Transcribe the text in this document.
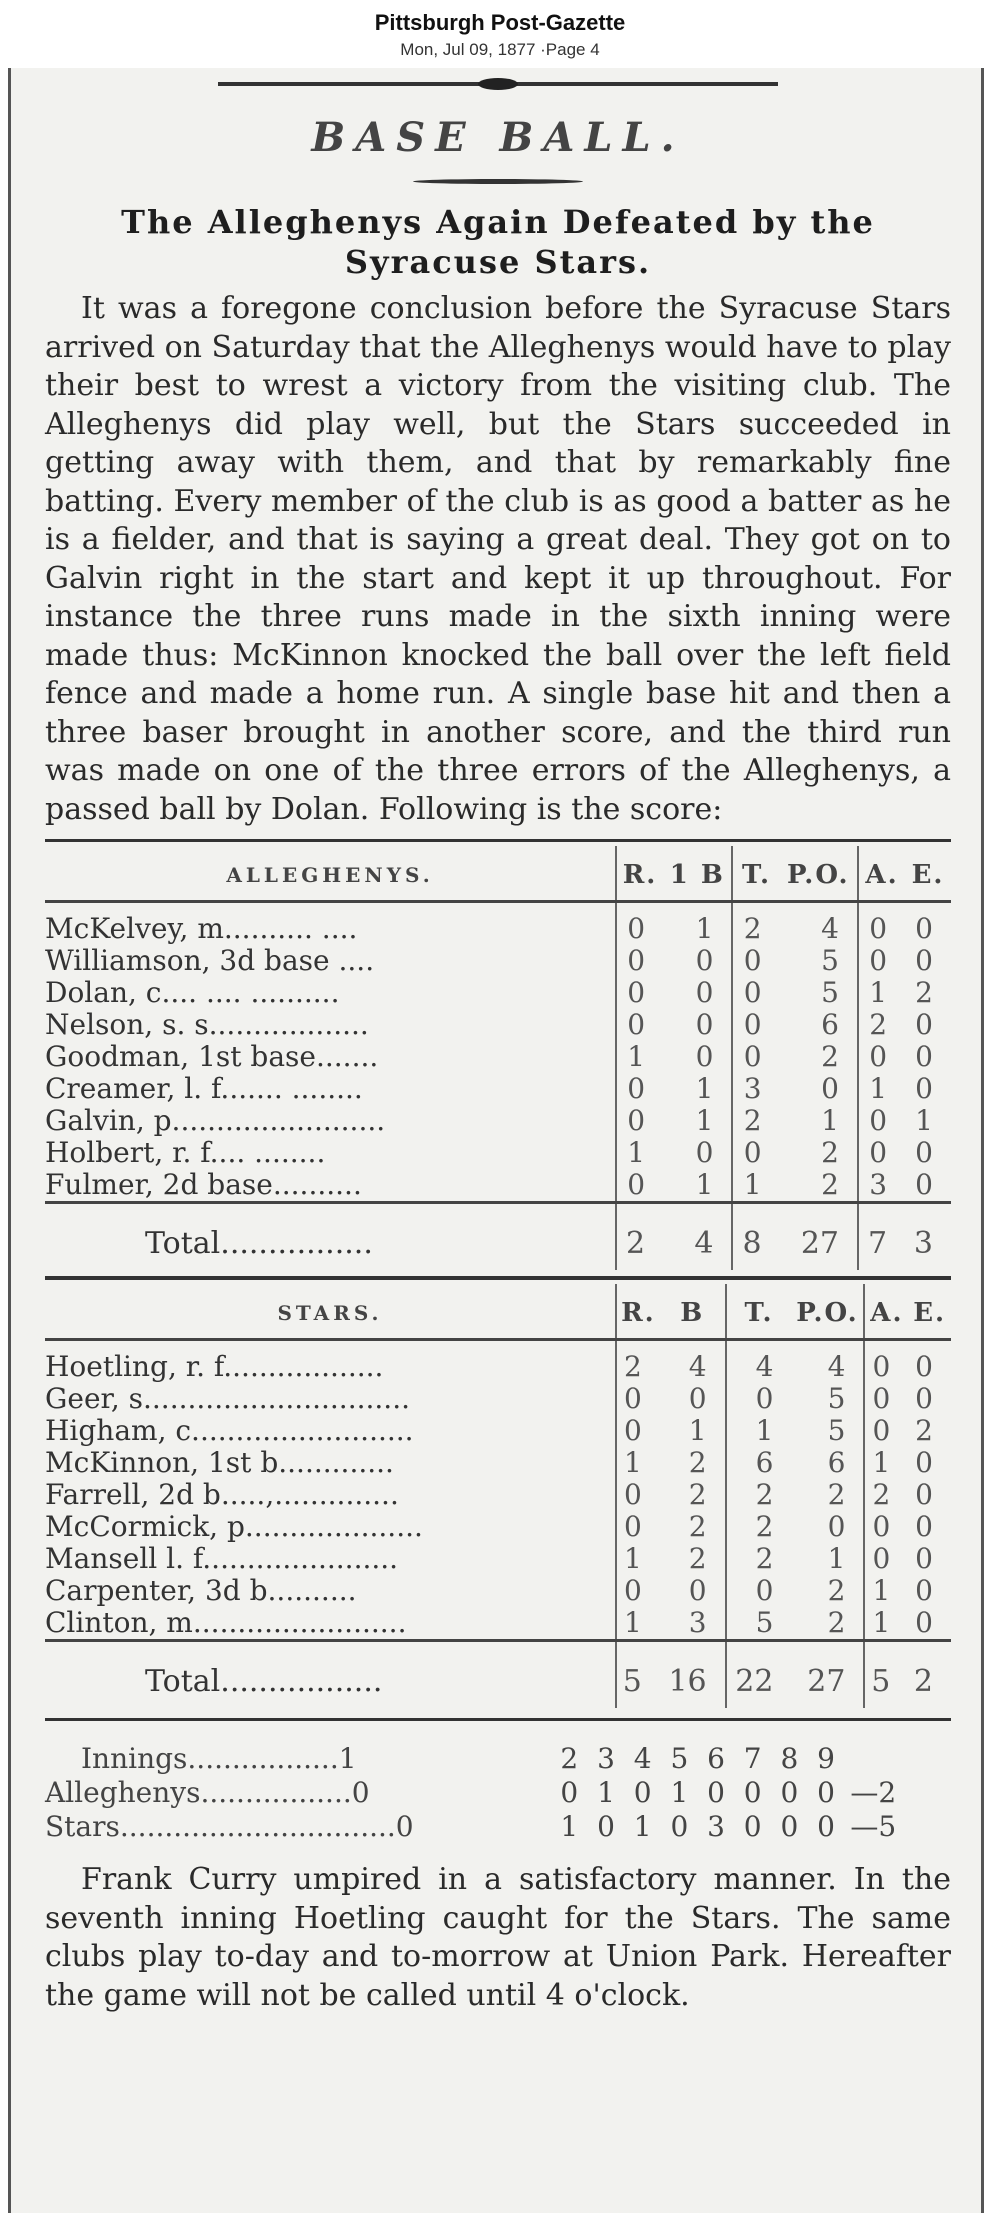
Pittsburgh Post-Gazette
Mon, Jul 09, 1877 ·Page 4
BASE BALL.
The Alleghenys Again Defeated by the
Syracuse Stars.
It was a foregone conclusion before the Syracuse Stars arrived on Saturday that the Alleghenys would have to play their best to wrest a victory from the visiting club. The Alleghenys did play well, but the Stars succeeded in getting away with them, and that by remarkably fine batting. Every member of the club is as good a batter as he is a fielder, and that is saying a great deal. They got on to Galvin right in the start and kept it up throughout. For instance the three runs made in the sixth inning were made thus: McKinnon knocked the ball over the left field fence and made a home run. A single base hit and then a three baser brought in another score, and the third run was made on one of the three errors of the Alleghenys, a passed ball by Dolan. Following is the score:
ALLEGHENYS.	R.	1 B	T.	P.O.	A.	E.
McKelvey, m.......... ....	0	1	2	4	0	0
Williamson, 3d base ....	0	0	0	5	0	0
Dolan, c.... .... ..........	0	0	0	5	1	2
Nelson, s. s..................	0	0	0	6	2	0
Goodman, 1st base.......	1	0	0	2	0	0
Creamer, l. f....... ........	0	1	3	0	1	0
Galvin, p........................	0	1	2	1	0	1
Holbert, r. f.... ........	1	0	0	2	0	0
Fulmer, 2d base..........	0	1	1	2	3	0
Total................	2	4	8	27	7	3
STARS.	R.	B	T.	P.O.	A.	E.
Hoetling, r. f..................	2	4	4	4	0	0
Geer, s..............................	0	0	0	5	0	0
Higham, c.........................	0	1	1	5	0	2
McKinnon, 1st b.............	1	2	6	6	1	0
Farrell, 2d b.....,..............	0	2	2	2	2	0
McCormick, p....................	0	2	2	0	0	0
Mansell l. f......................	1	2	2	1	0	0
Carpenter, 3d b..........	0	0	0	2	1	0
Clinton, m........................	1	3	5	2	1	0
Total.................	5	16	22	27	5	2
Innings.................1	2	3	4	5	6	7	8	9	
Alleghenys.................0	0	1	0	1	0	0	0	0	—2
Stars...............................0	1	0	1	0	3	0	0	0	—5
Frank Curry umpired in a satisfactory manner. In the seventh inning Hoetling caught for the Stars. The same clubs play to-day and to-morrow at Union Park. Hereafter the game will not be called until 4 o'clock.
